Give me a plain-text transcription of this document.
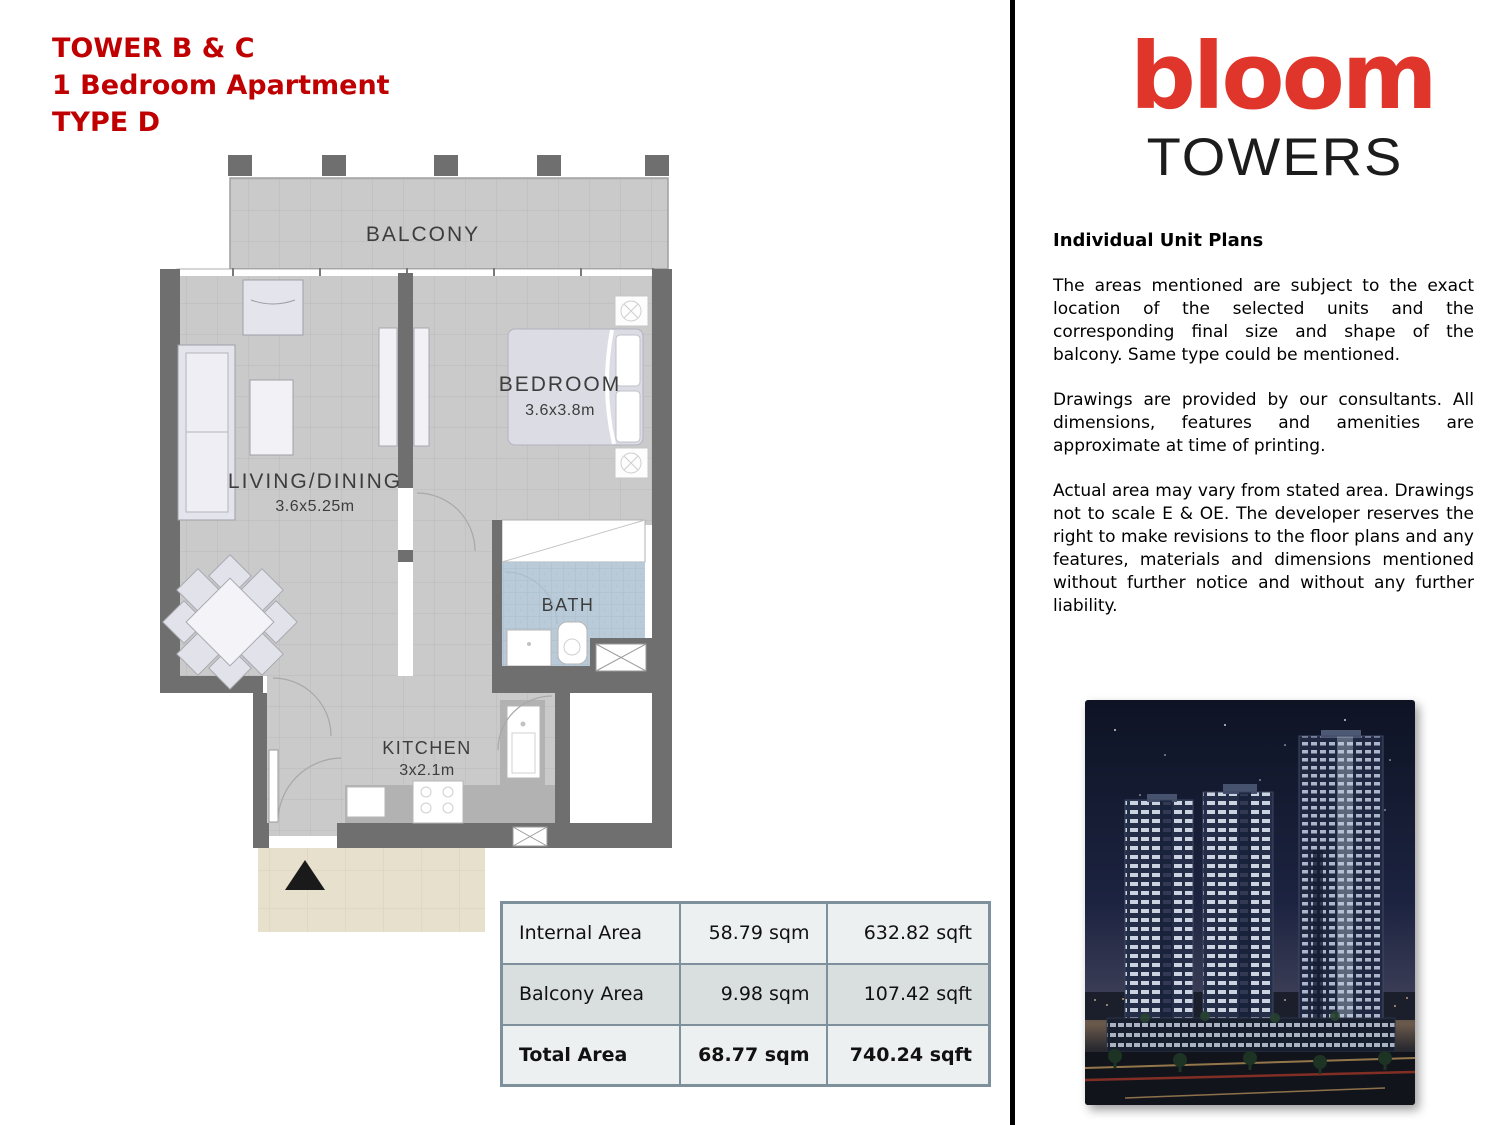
TOWER B & C
1 Bedroom Apartment
TYPE D
BALCONY
BATH
LIVING/DINING
3.6x5.25m
BEDROOM
3.6x3.8m
KITCHEN
3x2.1m
Internal Area	58.79 sqm	632.82 sqft
Balcony Area	9.98 sqm	107.42 sqft
Total Area	68.77 sqm	740.24 sqft
bloom
TOWERS
Individual Unit Plans

The areas mentioned are subject to the exact location of the selected units and the corresponding final size and shape of the balcony. Same type could be mentioned.

Drawings are provided by our consultants. All dimensions, features and amenities are approximate at time of printing.

Actual area may vary from stated area. Drawings not to scale E & OE. The developer reserves the right to make revisions to the floor plans and any features, materials and dimensions mentioned without further notice and without any further liability.
